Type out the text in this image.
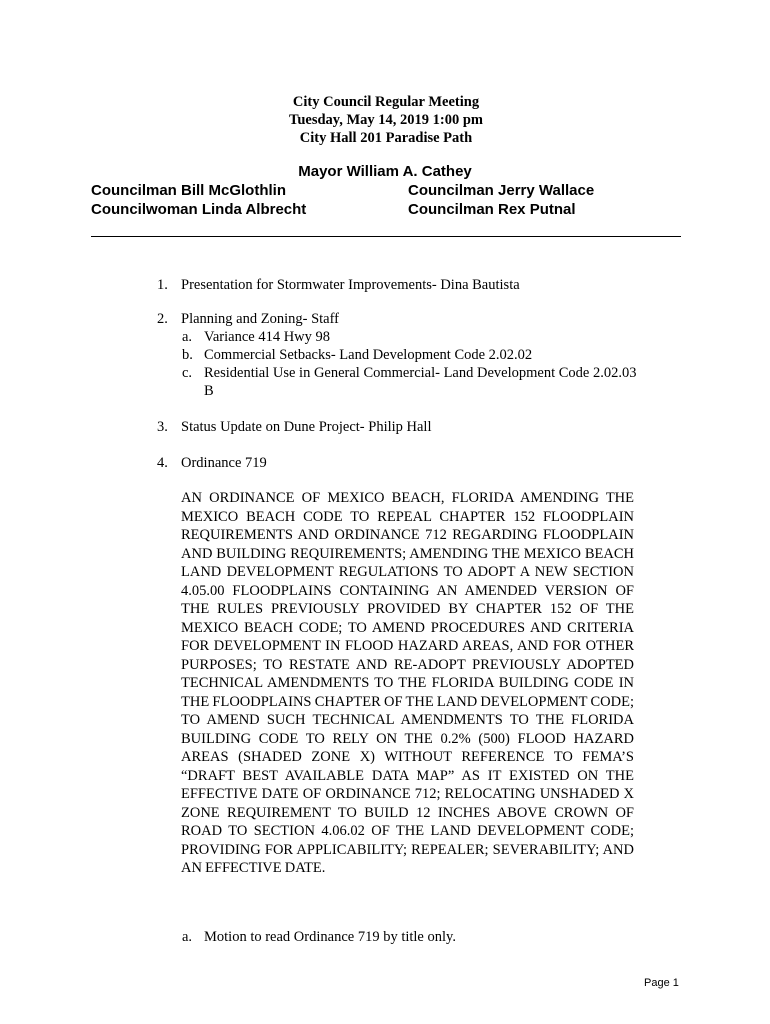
City Council Regular Meeting
Tuesday, May 14, 2019 1:00 pm
City Hall 201 Paradise Path
Mayor William A. Cathey
Councilman Bill McGlothlin	Councilman Jerry Wallace
Councilwoman Linda Albrecht	Councilman Rex Putnal
1. Presentation for Stormwater Improvements- Dina Bautista
2. Planning and Zoning- Staff
a. Variance 414 Hwy 98
b. Commercial Setbacks- Land Development Code 2.02.02
c. Residential Use in General Commercial- Land Development Code 2.02.03
B
3. Status Update on Dune Project- Philip Hall
4. Ordinance 719
AN ORDINANCE OF MEXICO BEACH, FLORIDA AMENDING THE MEXICO BEACH CODE TO REPEAL CHAPTER 152 FLOODPLAIN REQUIREMENTS AND ORDINANCE 712 REGARDING FLOODPLAIN AND BUILDING REQUIREMENTS; AMENDING THE MEXICO BEACH LAND DEVELOPMENT REGULATIONS TO ADOPT A NEW SECTION 4.05.00 FLOODPLAINS CONTAINING AN AMENDED VERSION OF THE RULES PREVIOUSLY PROVIDED BY CHAPTER 152 OF THE MEXICO BEACH CODE; TO AMEND PROCEDURES AND CRITERIA FOR DEVELOPMENT IN FLOOD HAZARD AREAS, AND FOR OTHER PURPOSES; TO RESTATE AND RE-ADOPT PREVIOUSLY ADOPTED TECHNICAL AMENDMENTS TO THE FLORIDA BUILDING CODE IN THE FLOODPLAINS CHAPTER OF THE LAND DEVELOPMENT CODE; TO AMEND SUCH TECHNICAL AMENDMENTS TO THE FLORIDA BUILDING CODE TO RELY ON THE 0.2% (500) FLOOD HAZARD AREAS (SHADED ZONE X) WITHOUT REFERENCE TO FEMA’S “DRAFT BEST AVAILABLE DATA MAP” AS IT EXISTED ON THE EFFECTIVE DATE OF ORDINANCE 712; RELOCATING UNSHADED X ZONE REQUIREMENT TO BUILD 12 INCHES ABOVE CROWN OF ROAD TO SECTION 4.06.02 OF THE LAND DEVELOPMENT CODE; PROVIDING FOR APPLICABILITY; REPEALER; SEVERABILITY; AND AN EFFECTIVE DATE.
a. Motion to read Ordinance 719 by title only.
Page 1
